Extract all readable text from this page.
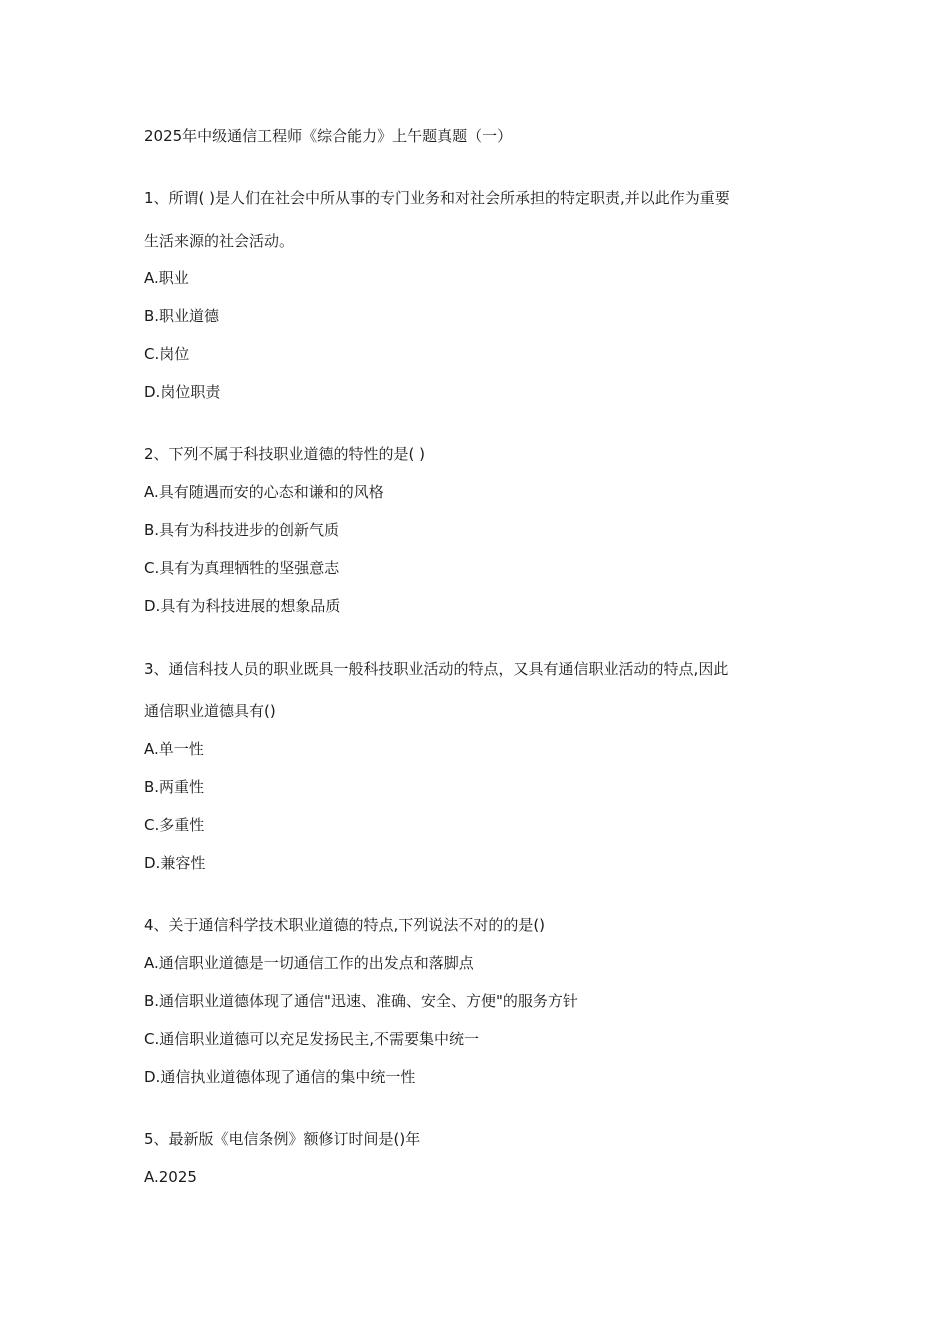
2025年中级通信工程师《综合能力》上午题真题（一）
1、所谓( )是人们在社会中所从事的专门业务和对社会所承担的特定职责,并以此作为重要
生活来源的社会活动。
A.职业
B.职业道德
C.岗位
D.岗位职责
2、下列不属于科技职业道德的特性的是( )
A.具有随遇而安的心态和谦和的风格
B.具有为科技进步的创新气质
C.具有为真理牺牲的坚强意志
D.具有为科技进展的想象品质
3、通信科技人员的职业既具一般科技职业活动的特点，又具有通信职业活动的特点,因此
通信职业道德具有()
A.单一性
B.两重性
C.多重性
D.兼容性
4、关于通信科学技术职业道德的特点,下列说法不对的的是()
A.通信职业道德是一切通信工作的出发点和落脚点
B.通信职业道德体现了通信"迅速、准确、安全、方便"的服务方针
C.通信职业道德可以充足发扬民主,不需要集中统一
D.通信执业道德体现了通信的集中统一性
5、最新版《电信条例》额修订时间是()年
A.2025
